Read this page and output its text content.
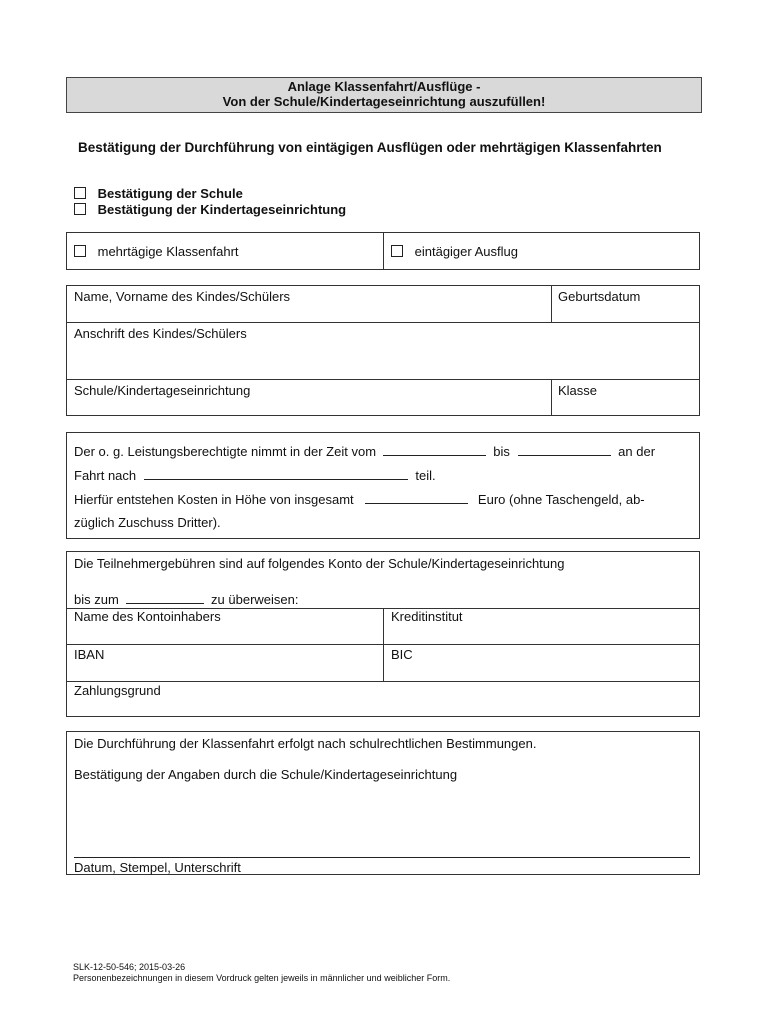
Anlage Klassenfahrt/Ausflüge -
Von der Schule/Kindertageseinrichtung auszufüllen!
Bestätigung der Durchführung von eintägigen Ausflügen oder mehrtägigen Klassenfahrten
Bestätigung der Schule
Bestätigung der Kindertageseinrichtung
mehrtägige Klassenfahrt	eintägiger Ausflug
Name, Vorname des Kindes/Schülers	Geburtsdatum
Anschrift des Kindes/Schülers
Schule/Kindertageseinrichtung	Klasse
Der o. g. Leistungsberechtigte nimmt in der Zeit vom	bis	an der
Fahrt nach	teil.
Hierfür entstehen Kosten in Höhe von insgesamt	Euro (ohne Taschengeld, ab-
züglich Zuschuss Dritter).
Die Teilnehmergebühren sind auf folgendes Konto der Schule/Kindertageseinrichtung
bis zum	zu überweisen:
Name des Kontoinhabers	Kreditinstitut
IBAN	BIC
Zahlungsgrund
Die Durchführung der Klassenfahrt erfolgt nach schulrechtlichen Bestimmungen.
Bestätigung der Angaben durch die Schule/Kindertageseinrichtung
Datum, Stempel, Unterschrift
SLK-12-50-546; 2015-03-26
Personenbezeichnungen in diesem Vordruck gelten jeweils in männlicher und weiblicher Form.
